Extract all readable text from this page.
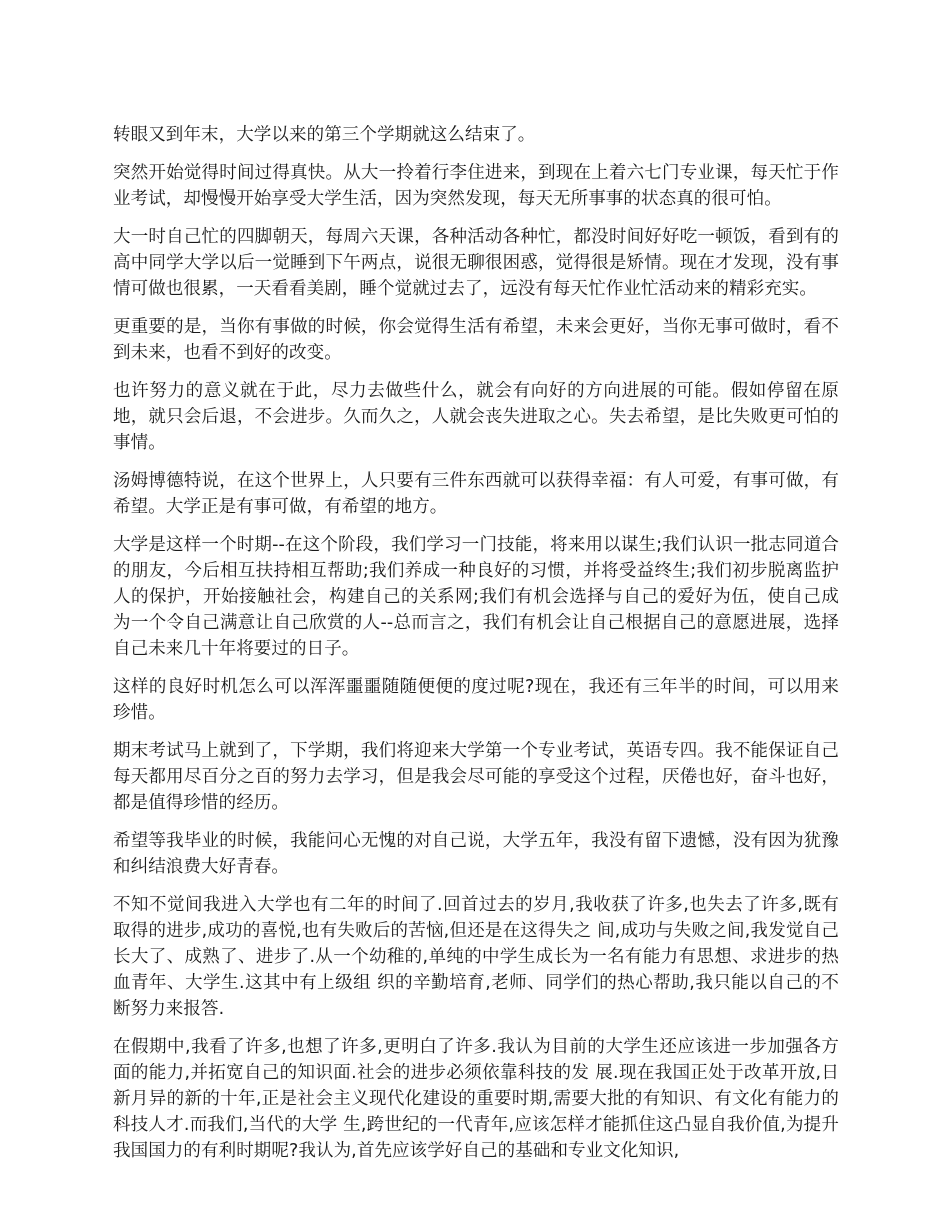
转眼又到年末，大学以来的第三个学期就这么结束了。

突然开始觉得时间过得真快。从大一拎着行李住进来，到现在上着六七门专业课，每天忙于作业考试，却慢慢开始享受大学生活，因为突然发现，每天无所事事的状态真的很可怕。

大一时自己忙的四脚朝天，每周六天课，各种活动各种忙，都没时间好好吃一顿饭，看到有的高中同学大学以后一觉睡到下午两点，说很无聊很困惑，觉得很是矫情。现在才发现，没有事情可做也很累，一天看看美剧，睡个觉就过去了，远没有每天忙作业忙活动来的精彩充实。

更重要的是，当你有事做的时候，你会觉得生活有希望，未来会更好，当你无事可做时，看不到未来，也看不到好的改变。

也许努力的意义就在于此，尽力去做些什么，就会有向好的方向进展的可能。假如停留在原地，就只会后退，不会进步。久而久之，人就会丧失进取之心。失去希望，是比失败更可怕的事情。

汤姆博德特说，在这个世界上，人只要有三件东西就可以获得幸福：有人可爱，有事可做，有希望。大学正是有事可做，有希望的地方。

大学是这样一个时期--在这个阶段，我们学习一门技能，将来用以谋生;我们认识一批志同道合的朋友，今后相互扶持相互帮助;我们养成一种良好的习惯，并将受益终生;我们初步脱离监护人的保护，开始接触社会，构建自己的关系网;我们有机会选择与自己的爱好为伍，使自己成为一个令自己满意让自己欣赏的人--总而言之，我们有机会让自己根据自己的意愿进展，选择自己未来几十年将要过的日子。

这样的良好时机怎么可以浑浑噩噩随随便便的度过呢?现在，我还有三年半的时间，可以用来珍惜。

期末考试马上就到了，下学期，我们将迎来大学第一个专业考试，英语专四。我不能保证自己每天都用尽百分之百的努力去学习，但是我会尽可能的享受这个过程，厌倦也好，奋斗也好，都是值得珍惜的经历。

希望等我毕业的时候，我能问心无愧的对自己说，大学五年，我没有留下遗憾，没有因为犹豫和纠结浪费大好青春。

不知不觉间我进入大学也有二年的时间了.回首过去的岁月,我收获了许多,也失去了许多,既有取得的进步,成功的喜悦,也有失败后的苦恼,但还是在这得失之 间,成功与失败之间,我发觉自己长大了、成熟了、进步了.从一个幼稚的,单纯的中学生成长为一名有能力有思想、求进步的热血青年、大学生.这其中有上级组 织的辛勤培育,老师、同学们的热心帮助,我只能以自己的不断努力来报答.

在假期中,我看了许多,也想了许多,更明白了许多.我认为目前的大学生还应该进一步加强各方面的能力,并拓宽自己的知识面.社会的进步必须依靠科技的发 展.现在我国正处于改革开放,日新月异的新的十年,正是社会主义现代化建设的重要时期,需要大批的有知识、有文化有能力的科技人才.而我们,当代的大学 生,跨世纪的一代青年,应该怎样才能抓住这凸显自我价值,为提升我国国力的有利时期呢?我认为,首先应该学好自己的基础和专业文化知识,
